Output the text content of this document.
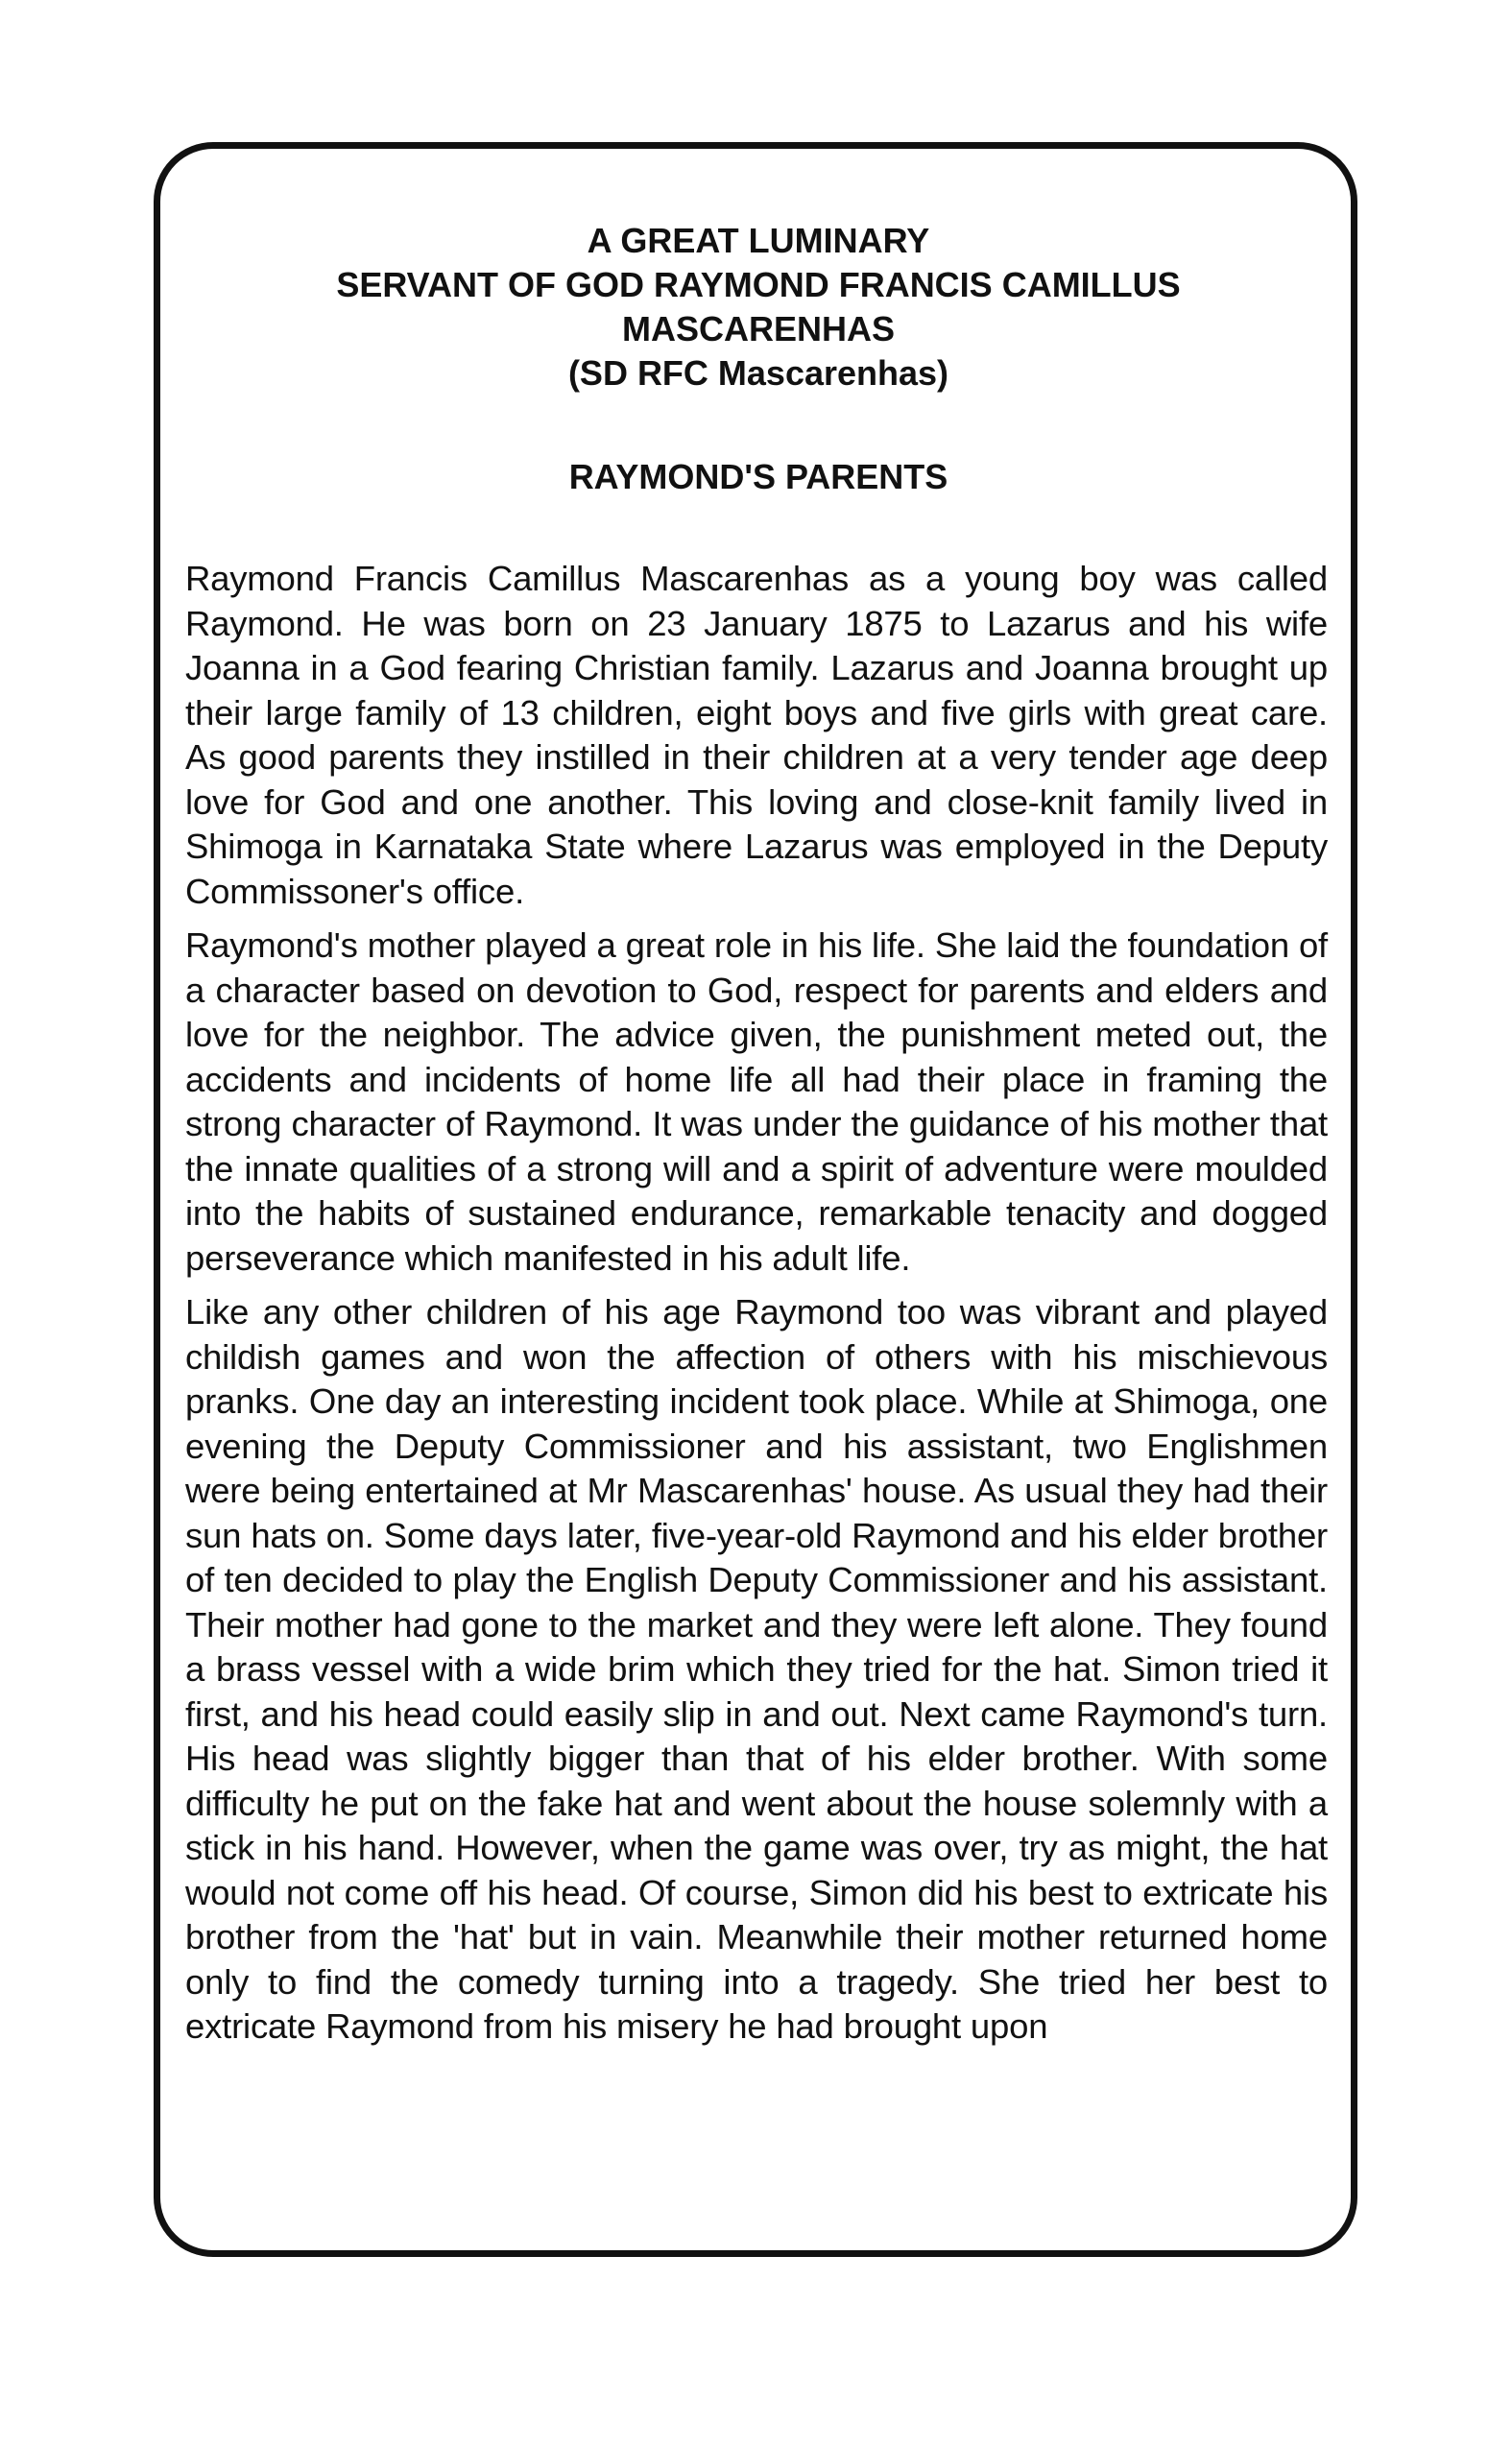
A GREAT LUMINARY
SERVANT OF GOD RAYMOND FRANCIS CAMILLUS
MASCARENHAS
(SD RFC Mascarenhas)
RAYMOND'S PARENTS

Raymond Francis Camillus Mascarenhas as a young boy was called Raymond. He was born on 23 January 1875 to Lazarus and his wife Joanna in a God fearing Christian family. Lazarus and Joanna brought up their large family of 13 children, eight boys and five girls with great care. As good parents they instilled in their children at a very tender age deep love for God and one another. This loving and close-knit family lived in Shimoga in Karnataka State where Lazarus was employed in the Deputy Commissoner's office.

Raymond's mother played a great role in his life. She laid the foundation of a character based on devotion to God, respect for parents and elders and love for the neighbor. The advice given, the punishment meted out, the accidents and incidents of home life all had their place in framing the strong character of Raymond. It was under the guidance of his mother that the innate qualities of a strong will and a spirit of adventure were moulded into the habits of sustained endurance, remarkable tenacity and dogged perseverance which manifested in his adult life.

Like any other children of his age Raymond too was vibrant and played childish games and won the affection of others with his mischievous pranks. One day an interesting incident took place. While at Shimoga, one evening the Deputy Commissioner and his assistant, two Englishmen were being entertained at Mr Mascarenhas' house. As usual they had their sun hats on. Some days later, five-year-old Raymond and his elder brother of ten decided to play the English Deputy Commissioner and his assistant. Their mother had gone to the market and they were left alone. They found a brass vessel with a wide brim which they tried for the hat. Simon tried it first, and his head could easily slip in and out. Next came Raymond's turn. His head was slightly bigger than that of his elder brother. With some difficulty he put on the fake hat and went about the house solemnly with a stick in his hand. However, when the game was over, try as might, the hat would not come off his head. Of course, Simon did his best to extricate his brother from the 'hat' but in vain. Meanwhile their mother returned home only to find the comedy turning into a tragedy. She tried her best to extricate Raymond from his misery he had brought upon
